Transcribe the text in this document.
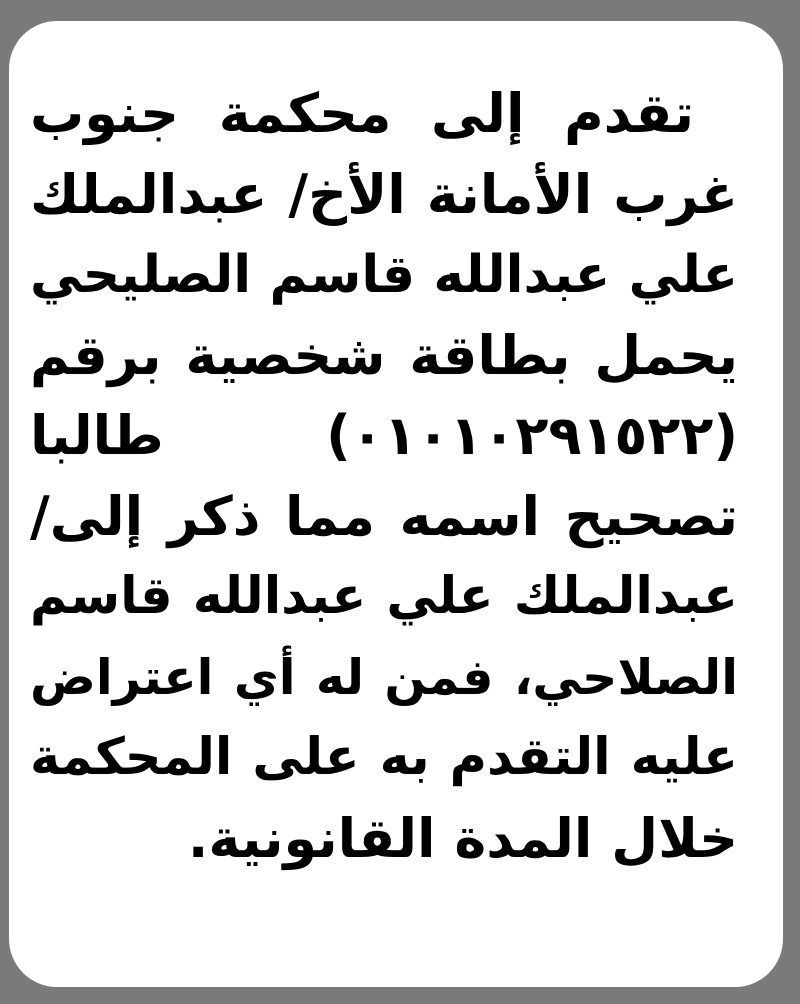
تقدم إلى محكمة جنوب
غرب الأمانة الأخ/ عبدالملك
علي عبدالله قاسم الصليحي
يحمل بطاقة شخصية برقم
(٠١٠١٠٢٩١٥٢٢) طالبا
تصحيح اسمه مما ذكر إلى/
عبدالملك علي عبدالله قاسم
الصلاحي، فمن له أي اعتراض
عليه التقدم به على المحكمة
خلال المدة القانونية.
